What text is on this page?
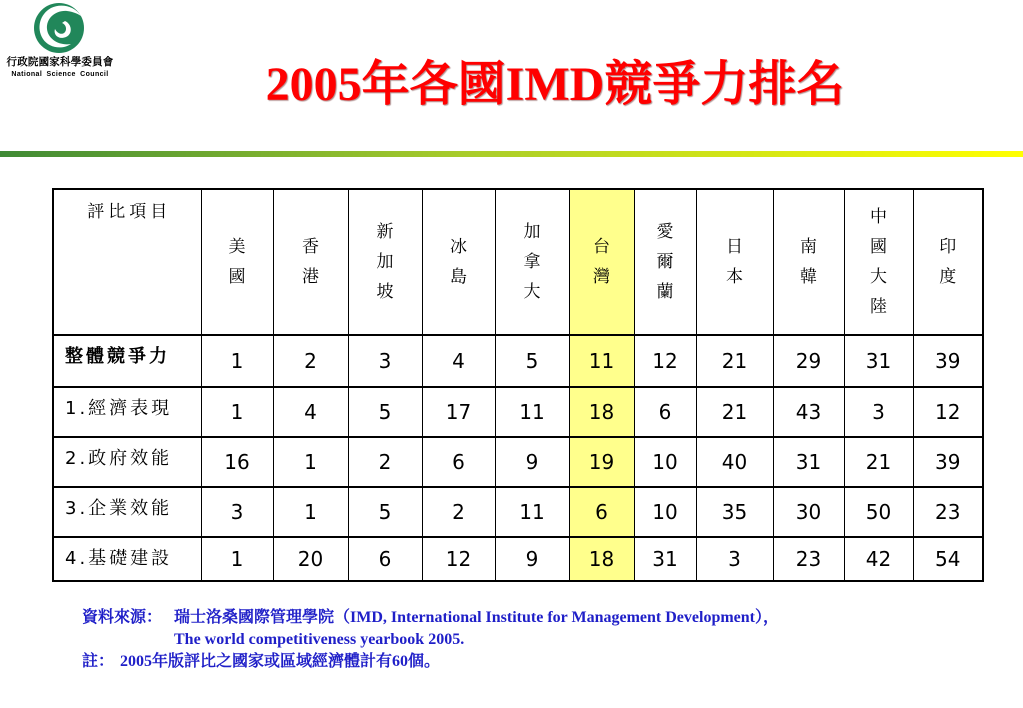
行政院國家科學委員會
National Science Council	2005年各國IMD競爭力排名
評比項目	美國	香港	新加坡	冰島	加拿大	台灣	愛爾蘭	日本	南韓	中國大陸	印度
整體競爭力	1	2	3	4	5	11	12	21	29	31	39
1.經濟表現	1	4	5	17	11	18	6	21	43	3	12
2.政府效能	16	1	2	6	9	19	10	40	31	21	39
3.企業效能	3	1	5	2	11	6	10	35	30	50	23
4.基礎建設	1	20	6	12	9	18	31	3	23	42	54
資料來源： 瑞士洛桑國際管理學院（IMD, International Institute for Management Development），
The world competitiveness yearbook 2005.
註： 2005年版評比之國家或區域經濟體計有60個。
